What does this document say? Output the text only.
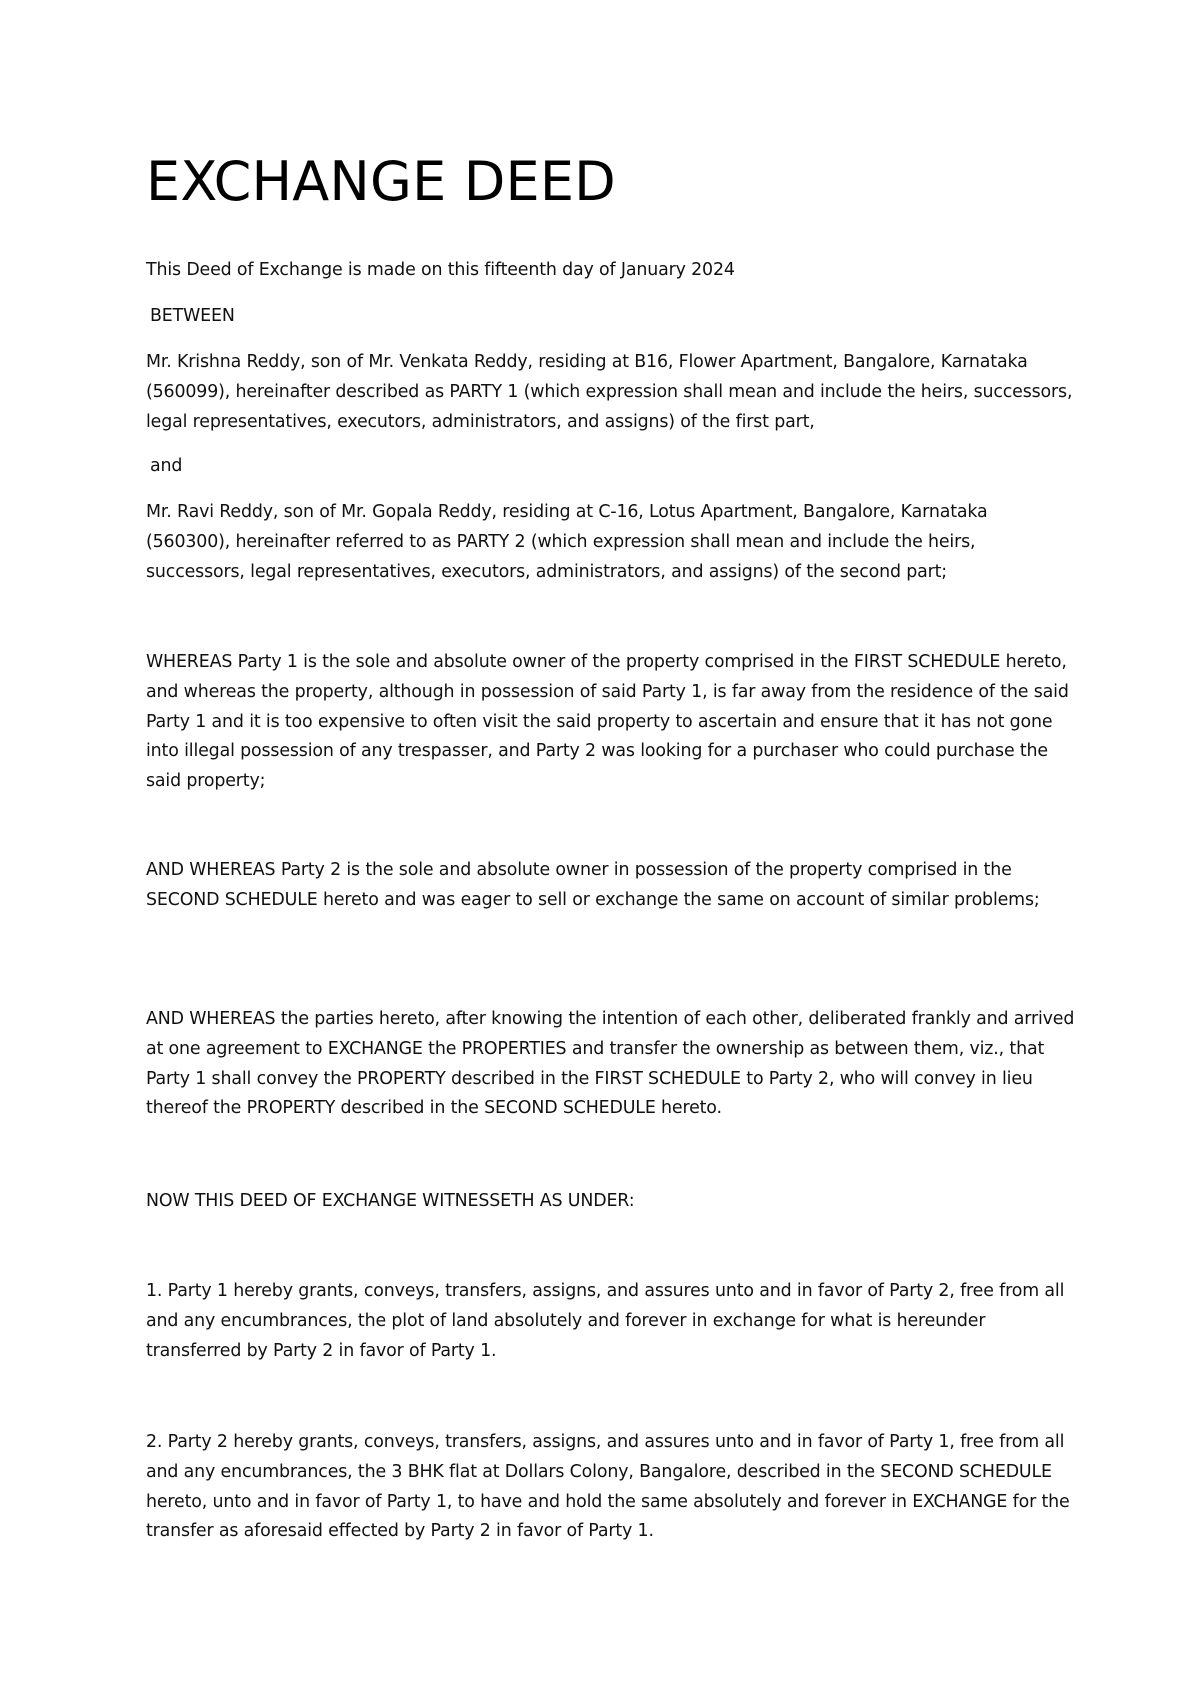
EXCHANGE DEED

This Deed of Exchange is made on this fifteenth day of January 2024

BETWEEN

Mr. Krishna Reddy, son of Mr. Venkata Reddy, residing at B16, Flower Apartment, Bangalore, Karnataka (560099), hereinafter described as PARTY 1 (which expression shall mean and include the heirs, successors, legal representatives, executors, administrators, and assigns) of the first part,

and

Mr. Ravi Reddy, son of Mr. Gopala Reddy, residing at C-16, Lotus Apartment, Bangalore, Karnataka (560300), hereinafter referred to as PARTY 2 (which expression shall mean and include the heirs, successors, legal representatives, executors, administrators, and assigns) of the second part;

WHEREAS Party 1 is the sole and absolute owner of the property comprised in the FIRST SCHEDULE hereto, and whereas the property, although in possession of said Party 1, is far away from the residence of the said Party 1 and it is too expensive to often visit the said property to ascertain and ensure that it has not gone into illegal possession of any trespasser, and Party 2 was looking for a purchaser who could purchase the said property;

AND WHEREAS Party 2 is the sole and absolute owner in possession of the property comprised in the SECOND SCHEDULE hereto and was eager to sell or exchange the same on account of similar problems;

AND WHEREAS the parties hereto, after knowing the intention of each other, deliberated frankly and arrived at one agreement to EXCHANGE the PROPERTIES and transfer the ownership as between them, viz., that Party 1 shall convey the PROPERTY described in the FIRST SCHEDULE to Party 2, who will convey in lieu thereof the PROPERTY described in the SECOND SCHEDULE hereto.

NOW THIS DEED OF EXCHANGE WITNESSETH AS UNDER:

1. Party 1 hereby grants, conveys, transfers, assigns, and assures unto and in favor of Party 2, free from all and any encumbrances, the plot of land absolutely and forever in exchange for what is hereunder transferred by Party 2 in favor of Party 1.

2. Party 2 hereby grants, conveys, transfers, assigns, and assures unto and in favor of Party 1, free from all and any encumbrances, the 3 BHK flat at Dollars Colony, Bangalore, described in the SECOND SCHEDULE hereto, unto and in favor of Party 1, to have and hold the same absolutely and forever in EXCHANGE for the transfer as aforesaid effected by Party 2 in favor of Party 1.
